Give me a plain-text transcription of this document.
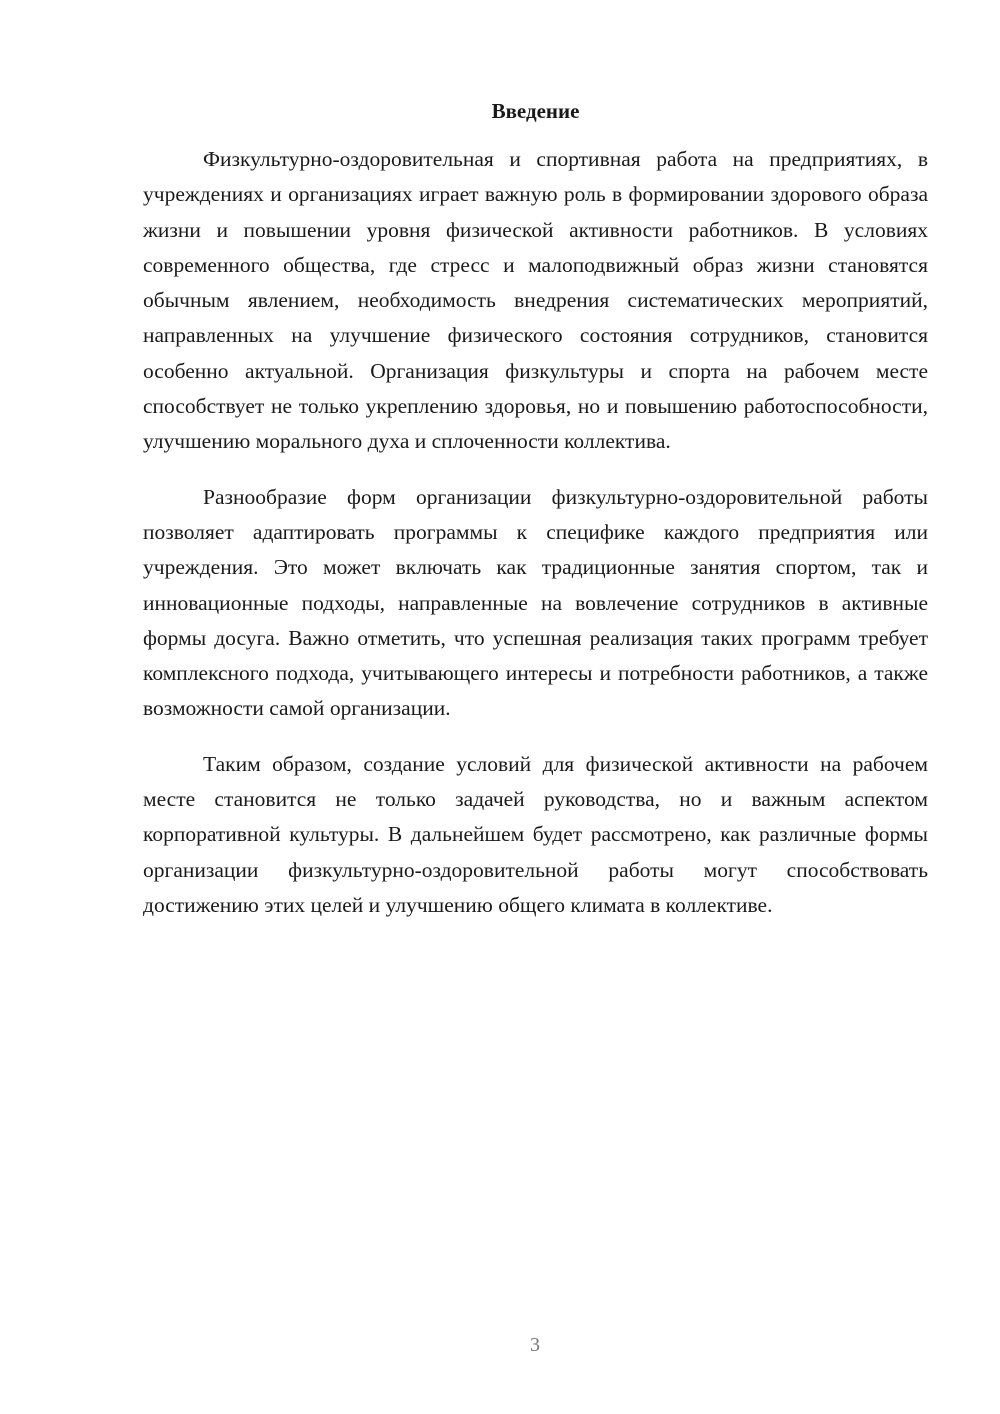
Введение

Физкультурно-оздоровительная и спортивная работа на предприятиях, в учреждениях и организациях играет важную роль в формировании здорового образа жизни и повышении уровня физической активности работников. В условиях современного общества, где стресс и малоподвижный образ жизни становятся обычным явлением, необходимость внедрения систематических мероприятий, направленных на улучшение физического состояния сотрудников, становится особенно актуальной. Организация физкультуры и спорта на рабочем месте способствует не только укреплению здоровья, но и повышению работоспособности, улучшению морального духа и сплоченности коллектива.

Разнообразие форм организации физкультурно-оздоровительной работы позволяет адаптировать программы к специфике каждого предприятия или учреждения. Это может включать как традиционные занятия спортом, так и инновационные подходы, направленные на вовлечение сотрудников в активные формы досуга. Важно отметить, что успешная реализация таких программ требует комплексного подхода, учитывающего интересы и потребности работников, а также возможности самой организации.

Таким образом, создание условий для физической активности на рабочем месте становится не только задачей руководства, но и важным аспектом корпоративной культуры. В дальнейшем будет рассмотрено, как различные формы организации физкультурно-оздоровительной работы могут способствовать достижению этих целей и улучшению общего климата в коллективе.

3
